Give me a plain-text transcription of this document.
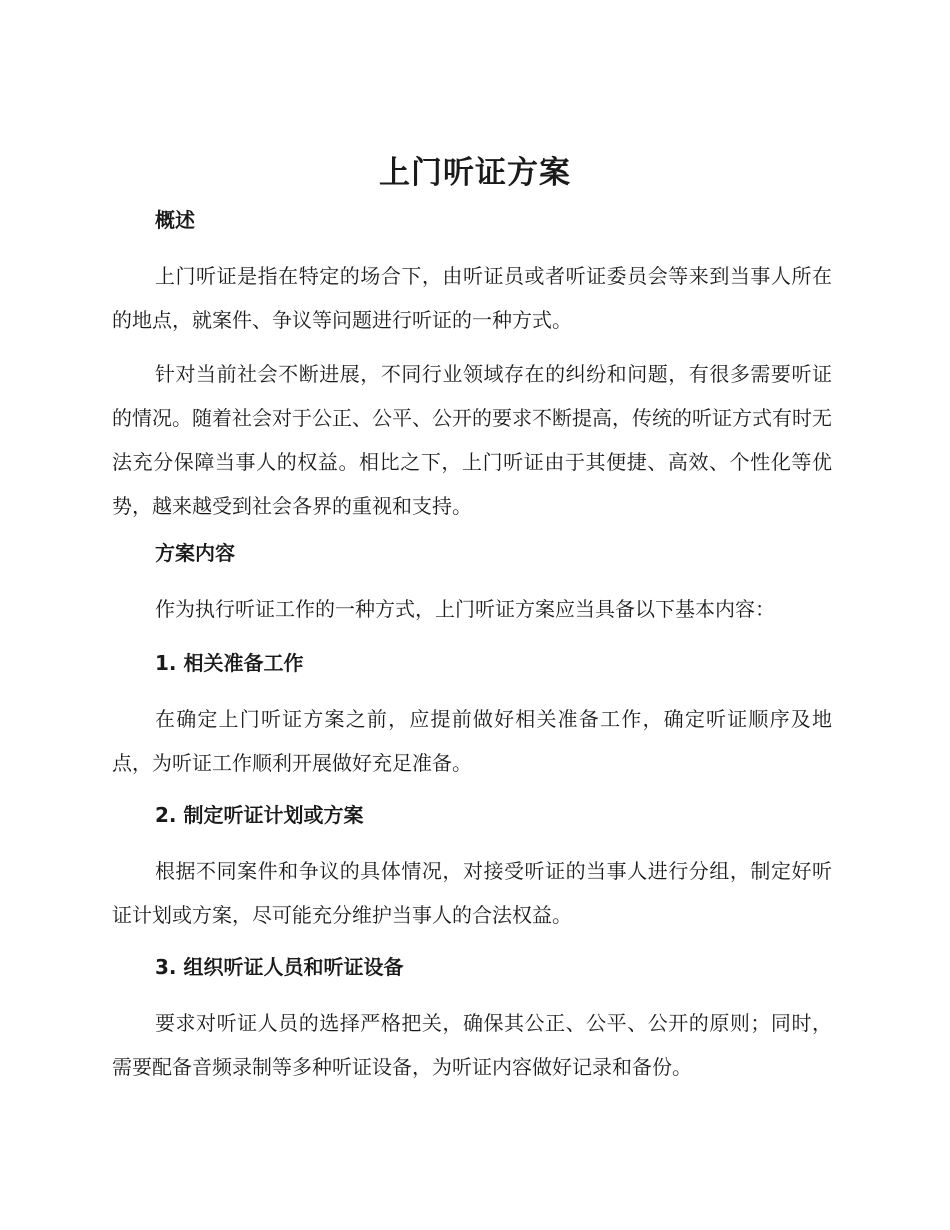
上门听证方案
概述

上门听证是指在特定的场合下，由听证员或者听证委员会等来到当事人所在的地点，就案件、争议等问题进行听证的一种方式。

针对当前社会不断进展，不同行业领域存在的纠纷和问题，有很多需要听证的情况。随着社会对于公正、公平、公开的要求不断提高，传统的听证方式有时无法充分保障当事人的权益。相比之下，上门听证由于其便捷、高效、个性化等优势，越来越受到社会各界的重视和支持。

方案内容

作为执行听证工作的一种方式，上门听证方案应当具备以下基本内容：

1. 相关准备工作

在确定上门听证方案之前，应提前做好相关准备工作，确定听证顺序及地点，为听证工作顺利开展做好充足准备。

2. 制定听证计划或方案

根据不同案件和争议的具体情况，对接受听证的当事人进行分组，制定好听证计划或方案，尽可能充分维护当事人的合法权益。

3. 组织听证人员和听证设备

要求对听证人员的选择严格把关，确保其公正、公平、公开的原则；同时，需要配备音频录制等多种听证设备，为听证内容做好记录和备份。
